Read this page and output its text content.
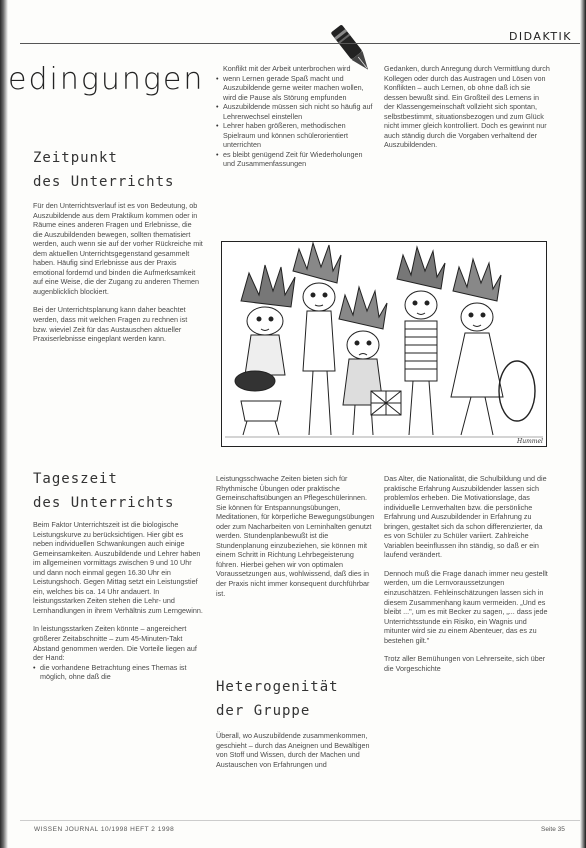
DIDAKTIK
edingungen
Zeitpunkt
des Unterrichts

Für den Unterrichtsverlauf ist es von Bedeutung, ob Auszubildende aus dem Praktikum kommen oder in Räume eines anderen Fragen und Erlebnisse, die die Auszubildenden bewegen, sollten thematisiert werden, auch wenn sie auf der vorher Rückreiche mit dem aktuellen Unterrichtsgegenstand gesammelt haben. Häufig sind Erlebnisse aus der Praxis emotional fordernd und binden die Aufmerksamkeit auf eine Weise, die der Zugang zu anderen Themen augenblicklich blockiert.

Bei der Unterrichtsplanung kann daher beachtet werden, dass mit welchen Fragen zu rechnen ist bzw. wieviel Zeit für das Austauschen aktueller Praxiserlebnisse eingeplant werden kann.

Tageszeit
des Unterrichts

Beim Faktor Unterrichtszeit ist die biologische Leistungskurve zu berücksichtigen. Hier gibt es neben individuellen Schwankungen auch einige Gemeinsamkeiten. Auszubildende und Lehrer haben im allgemeinen vormittags zwischen 9 und 10 Uhr und dann noch einmal gegen 16.30 Uhr ein Leistungshoch. Gegen Mittag setzt ein Leistungstief ein, welches bis ca. 14 Uhr andauert. In leistungsstarken Zeiten stehen die Lehr- und Lernhandlungen in ihrem Verhältnis zum Lerngewinn.

In leistungsstarken Zeiten könnte – angereichert größerer Zeitabschnitte – zum 45-Minuten-Takt Abstand genommen werden. Die Vorteile liegen auf der Hand:

• die vorhandene Betrachtung eines Themas ist möglich, ohne daß die

Konflikt mit der Arbeit unterbrochen wird

• wenn Lernen gerade Spaß macht und Auszubildende gerne weiter machen wollen, wird die Pause als Störung empfunden
• Auszubildende müssen sich nicht so häufig auf Lehrerwechsel einstellen
• Lehrer haben größeren, methodischen Spielraum und können schülerorientiert unterrichten
• es bleibt genügend Zeit für Wiederholungen und Zusammenfassungen

Gedanken, durch Anregung durch Vermittlung durch Kollegen oder durch das Austragen und Lösen von Konflikten – auch Lernen, ob ohne daß ich sie dessen bewußt sind. Ein Großteil des Lernens in der Klassengemeinschaft vollzieht sich spontan, selbstbestimmt, situationsbezogen und zum Glück nicht immer gleich kontrolliert. Doch es gewinnt nur auch ständig durch die Vorgaben verhaltend der Auszubildenden.

Hummel

Leistungsschwache Zeiten bieten sich für Rhythmische Übungen oder praktische Gemeinschaftsübungen an Pflegeschülerinnen. Sie können für Entspannungsübungen, Meditationen, für körperliche Bewegungsübungen oder zum Nacharbeiten von Lerninhalten genutzt werden. Stundenplanbewußt ist die Stundenplanung einzubeziehen, sie können mit einem Schritt in Richtung Lehrbegeisterung führen. Hierbei gehen wir von optimalen Voraussetzungen aus, wohlwissend, daß dies in der Praxis nicht immer konsequent durchführbar ist.

Heterogenität
der Gruppe

Überall, wo Auszubildende zusammenkommen, geschieht – durch das Aneignen und Bewältigen von Stoff und Wissen, durch der Machen und Austauschen von Erfahrungen und

Das Alter, die Nationalität, die Schulbildung und die praktische Erfahrung Auszubildender lassen sich problemlos erheben. Die Motivationslage, das individuelle Lernverhalten bzw. die persönliche Erfahrung und Auszubildender in Erfahrung zu bringen, gestaltet sich da schon differenzierter, da es von Schüler zu Schüler variiert. Zahlreiche Variablen beeinflussen ihn ständig, so daß er ein laufend verändert.

Dennoch muß die Frage danach immer neu gestellt werden, um die Lernvoraussetzungen einzuschätzen. Fehleinschätzungen lassen sich in diesem Zusammenhang kaum vermeiden. „Und es bleibt ...", um es mit Becker zu sagen, „... dass jede Unterrichtsstunde ein Risiko, ein Wagnis und mitunter wird sie zu einem Abenteuer, das es zu bestehen gilt."

Trotz aller Bemühungen von Lehrerseite, sich über die Vorgeschichte

WISSEN JOURNAL 10/1998 HEFT 2 1998	Seite 35
